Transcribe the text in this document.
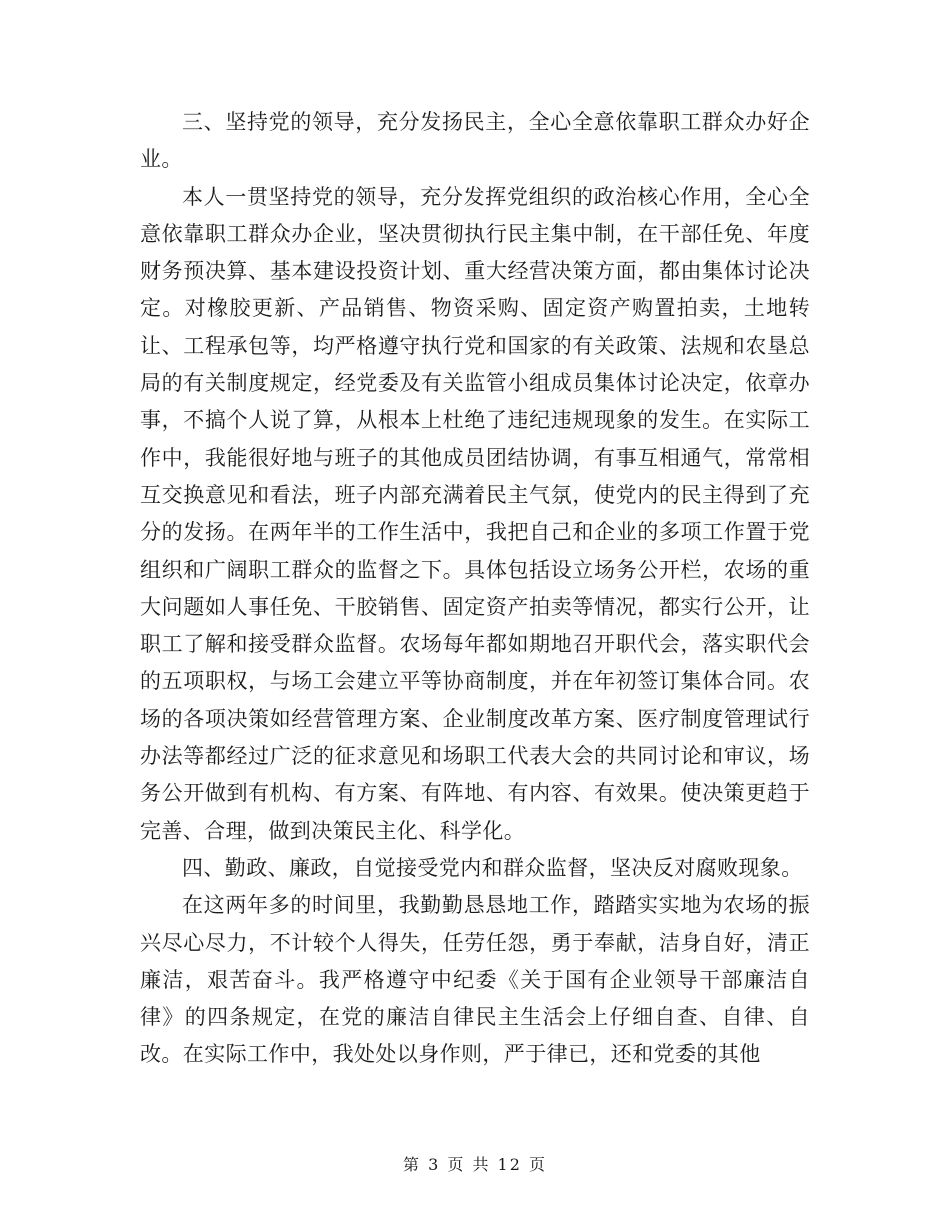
三、坚持党的领导，充分发扬民主，全心全意依靠职工群众办好企业。

本人一贯坚持党的领导，充分发挥党组织的政治核心作用，全心全意依靠职工群众办企业，坚决贯彻执行民主集中制，在干部任免、年度财务预决算、基本建设投资计划、重大经营决策方面，都由集体讨论决定。对橡胶更新、产品销售、物资采购、固定资产购置拍卖，土地转让、工程承包等，均严格遵守执行党和国家的有关政策、法规和农垦总局的有关制度规定，经党委及有关监管小组成员集体讨论决定，依章办事，不搞个人说了算，从根本上杜绝了违纪违规现象的发生。在实际工作中，我能很好地与班子的其他成员团结协调，有事互相通气，常常相互交换意见和看法，班子内部充满着民主气氛，使党内的民主得到了充分的发扬。在两年半的工作生活中，我把自己和企业的多项工作置于党组织和广阔职工群众的监督之下。具体包括设立场务公开栏，农场的重大问题如人事任免、干胶销售、固定资产拍卖等情况，都实行公开，让职工了解和接受群众监督。农场每年都如期地召开职代会，落实职代会的五项职权，与场工会建立平等协商制度，并在年初签订集体合同。农场的各项决策如经营管理方案、企业制度改革方案、医疗制度管理试行办法等都经过广泛的征求意见和场职工代表大会的共同讨论和审议，场务公开做到有机构、有方案、有阵地、有内容、有效果。使决策更趋于完善、合理，做到决策民主化、科学化。

四、勤政、廉政，自觉接受党内和群众监督，坚决反对腐败现象。

在这两年多的时间里，我勤勤恳恳地工作，踏踏实实地为农场的振兴尽心尽力，不计较个人得失，任劳任怨，勇于奉献，洁身自好，清正廉洁，艰苦奋斗。我严格遵守中纪委《关于国有企业领导干部廉洁自律》的四条规定，在党的廉洁自律民主生活会上仔细自查、自律、自改。在实际工作中，我处处以身作则，严于律已，还和党委的其他

第 3 页 共 12 页
